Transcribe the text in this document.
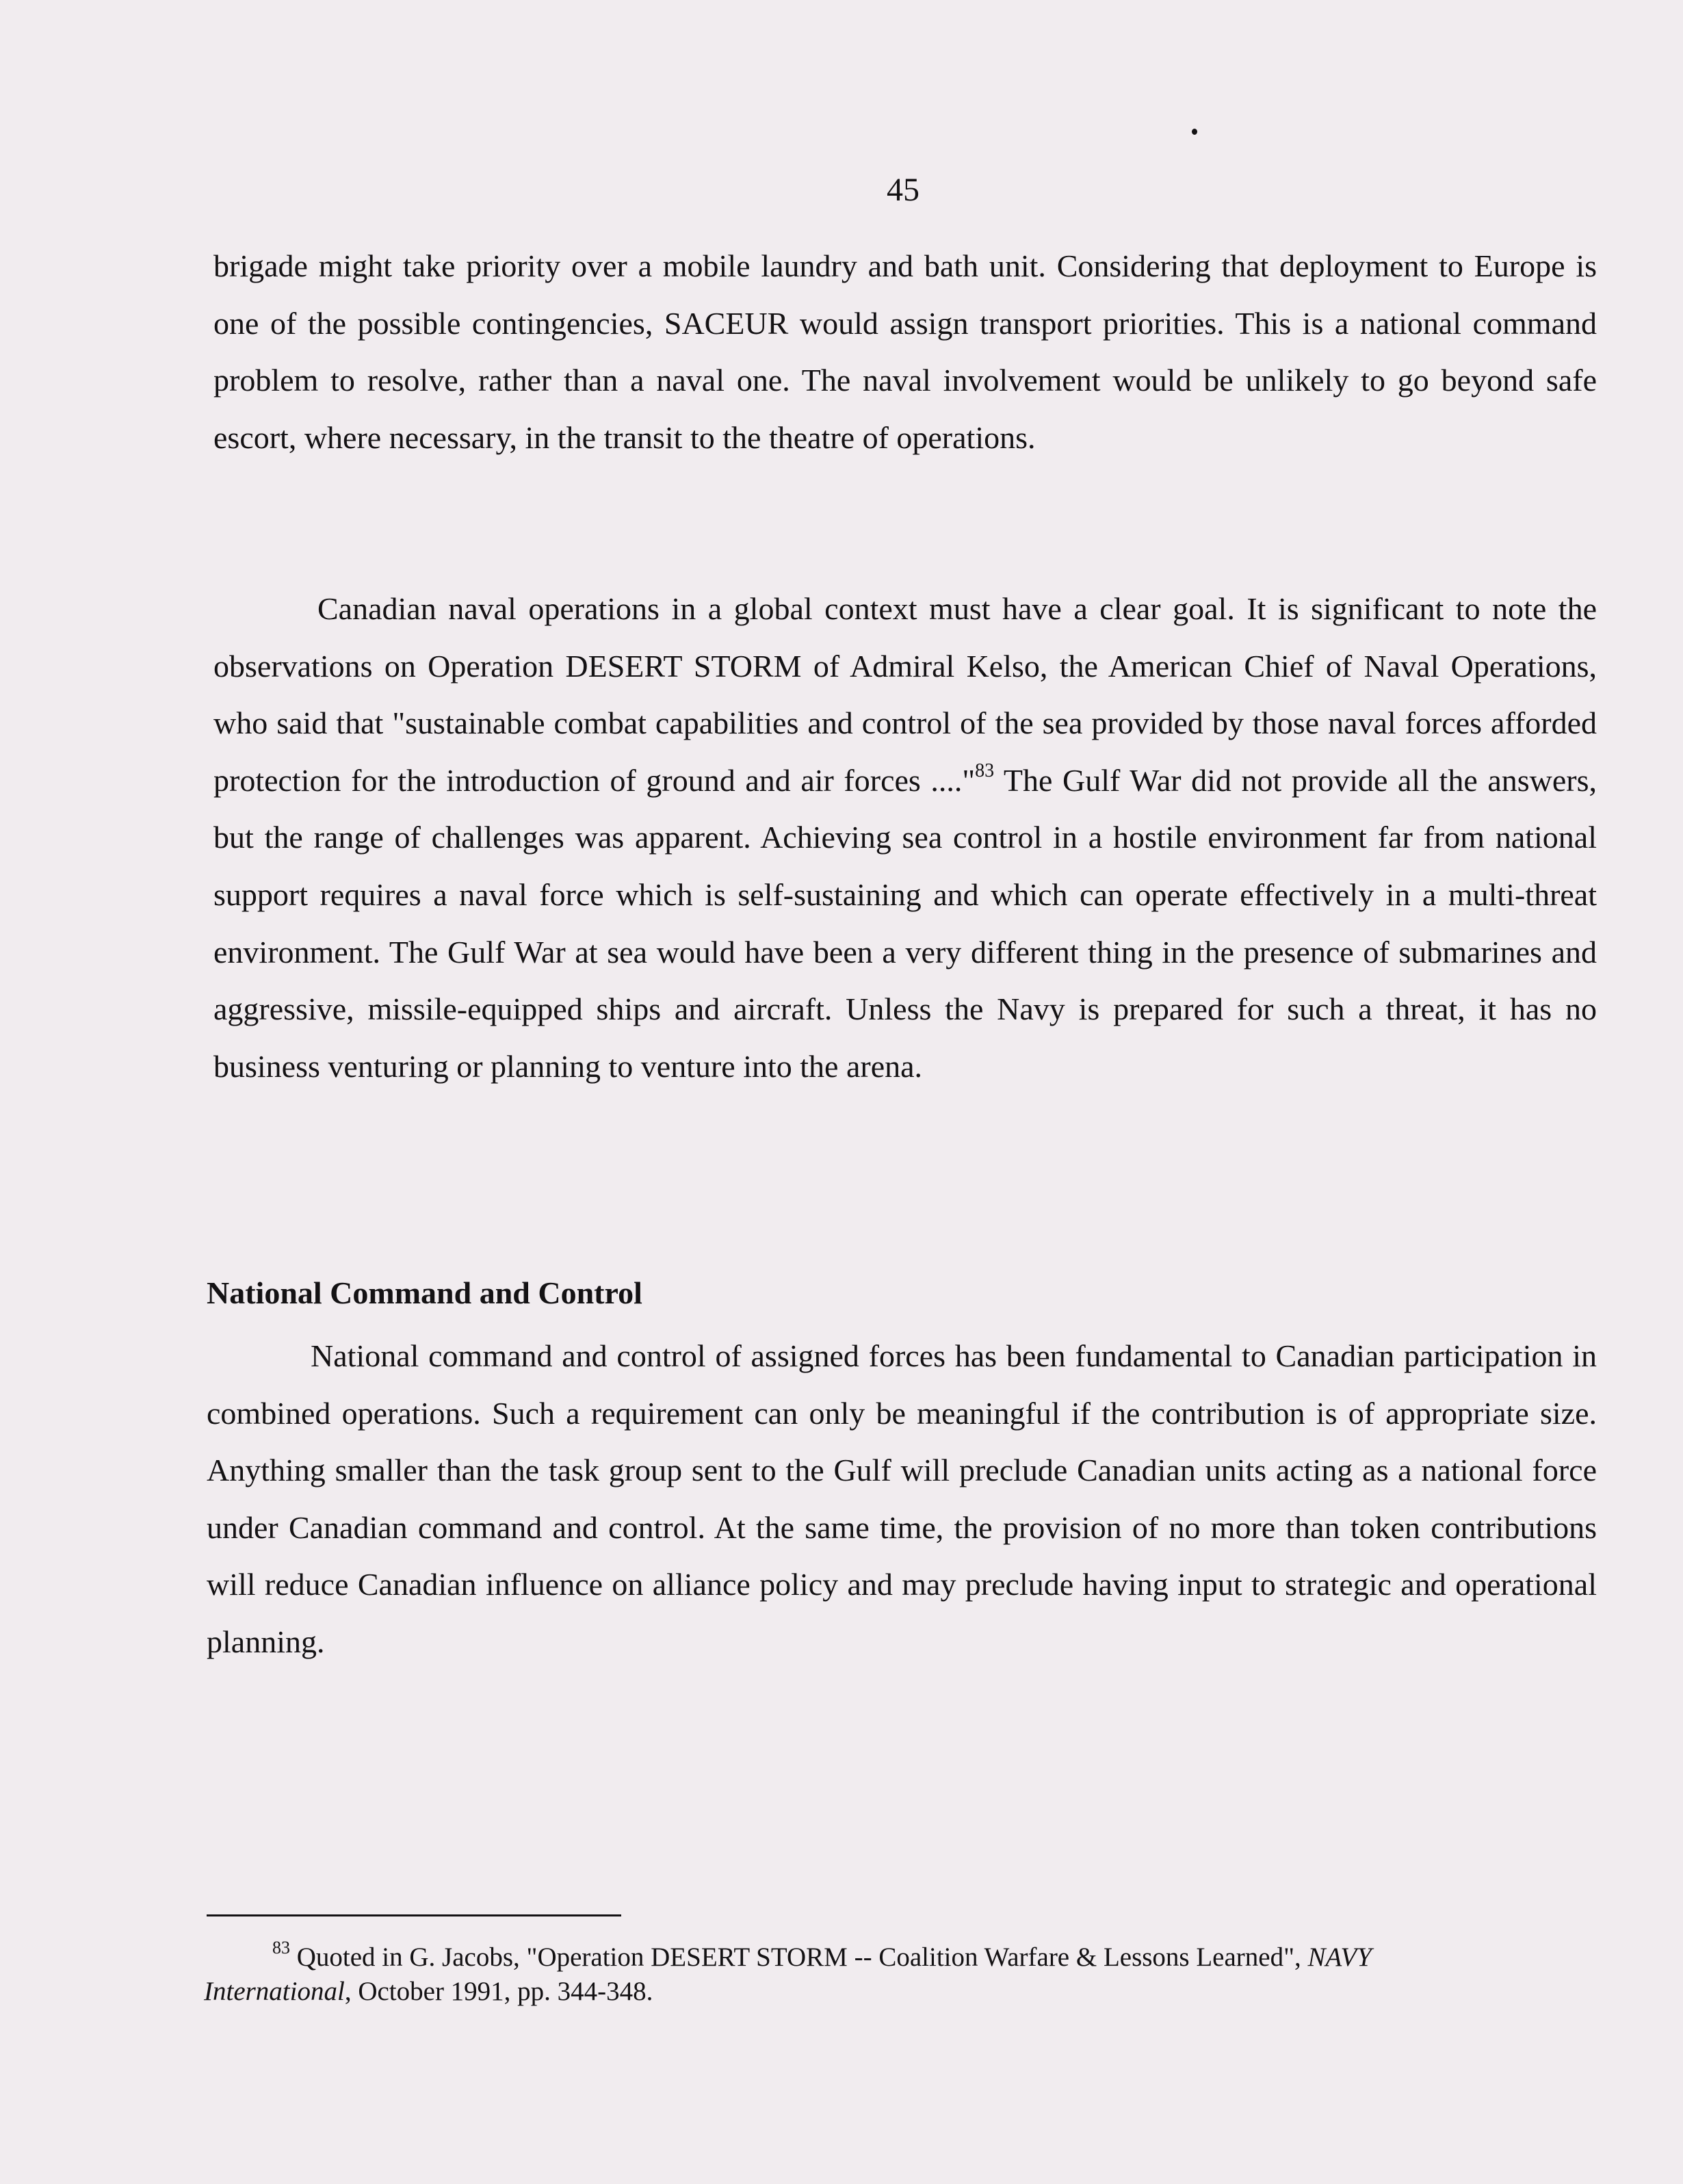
45

brigade might take priority over a mobile laundry and bath unit. Considering that deployment to Europe is one of the possible contingencies, SACEUR would assign transport priorities. This is a national command problem to resolve, rather than a naval one. The naval involvement would be unlikely to go beyond safe escort, where necessary, in the transit to the theatre of operations.

Canadian naval operations in a global context must have a clear goal. It is significant to note the observations on Operation DESERT STORM of Admiral Kelso, the American Chief of Naval Operations, who said that "sustainable combat capabilities and control of the sea provided by those naval forces afforded protection for the introduction of ground and air forces ...."$^{83}$ The Gulf War did not provide all the answers, but the range of challenges was apparent. Achieving sea control in a hostile environment far from national support requires a naval force which is self-sustaining and which can operate effectively in a multi-threat environment. The Gulf War at sea would have been a very different thing in the presence of submarines and aggressive, missile-equipped ships and aircraft. Unless the Navy is prepared for such a threat, it has no business venturing or planning to venture into the arena.

National Command and Control

National command and control of assigned forces has been fundamental to Canadian participation in combined operations. Such a requirement can only be meaningful if the contribution is of appropriate size. Anything smaller than the task group sent to the Gulf will preclude Canadian units acting as a national force under Canadian command and control. At the same time, the provision of no more than token contributions will reduce Canadian influence on alliance policy and may preclude having input to strategic and operational planning.

$^{83}$ Quoted in G. Jacobs, "Operation DESERT STORM -- Coalition Warfare & Lessons Learned", NAVY International, October 1991, pp. 344-348.
